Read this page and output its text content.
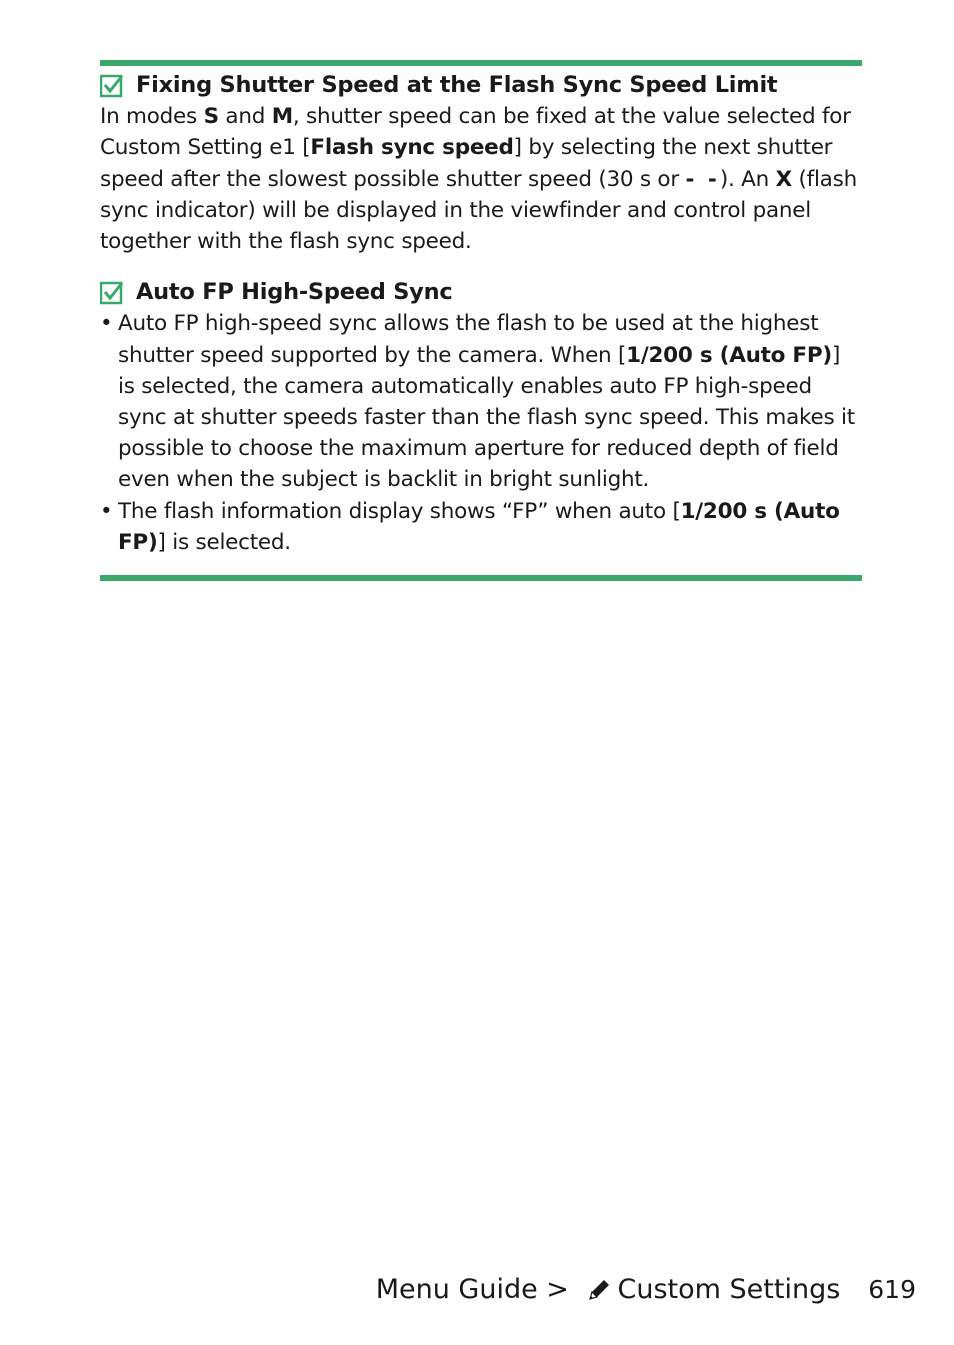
Fixing Shutter Speed at the Flash Sync Speed Limit

In modes S and M, shutter speed can be fixed at the value selected for Custom Setting e1 [Flash sync speed] by selecting the next shutter speed after the slowest possible shutter speed (30 s or - -). An X (flash sync indicator) will be displayed in the viewfinder and control panel together with the flash sync speed.

Auto FP High-Speed Sync
• Auto FP high-speed sync allows the flash to be used at the highest shutter speed supported by the camera. When [1/200 s (Auto FP)] is selected, the camera automatically enables auto FP high-speed sync at shutter speeds faster than the flash sync speed. This makes it possible to choose the maximum aperture for reduced depth of field even when the subject is backlit in bright sunlight.
• The flash information display shows “FP” when auto [1/200 s (Auto FP)] is selected.
Menu Guide > Custom Settings 619
